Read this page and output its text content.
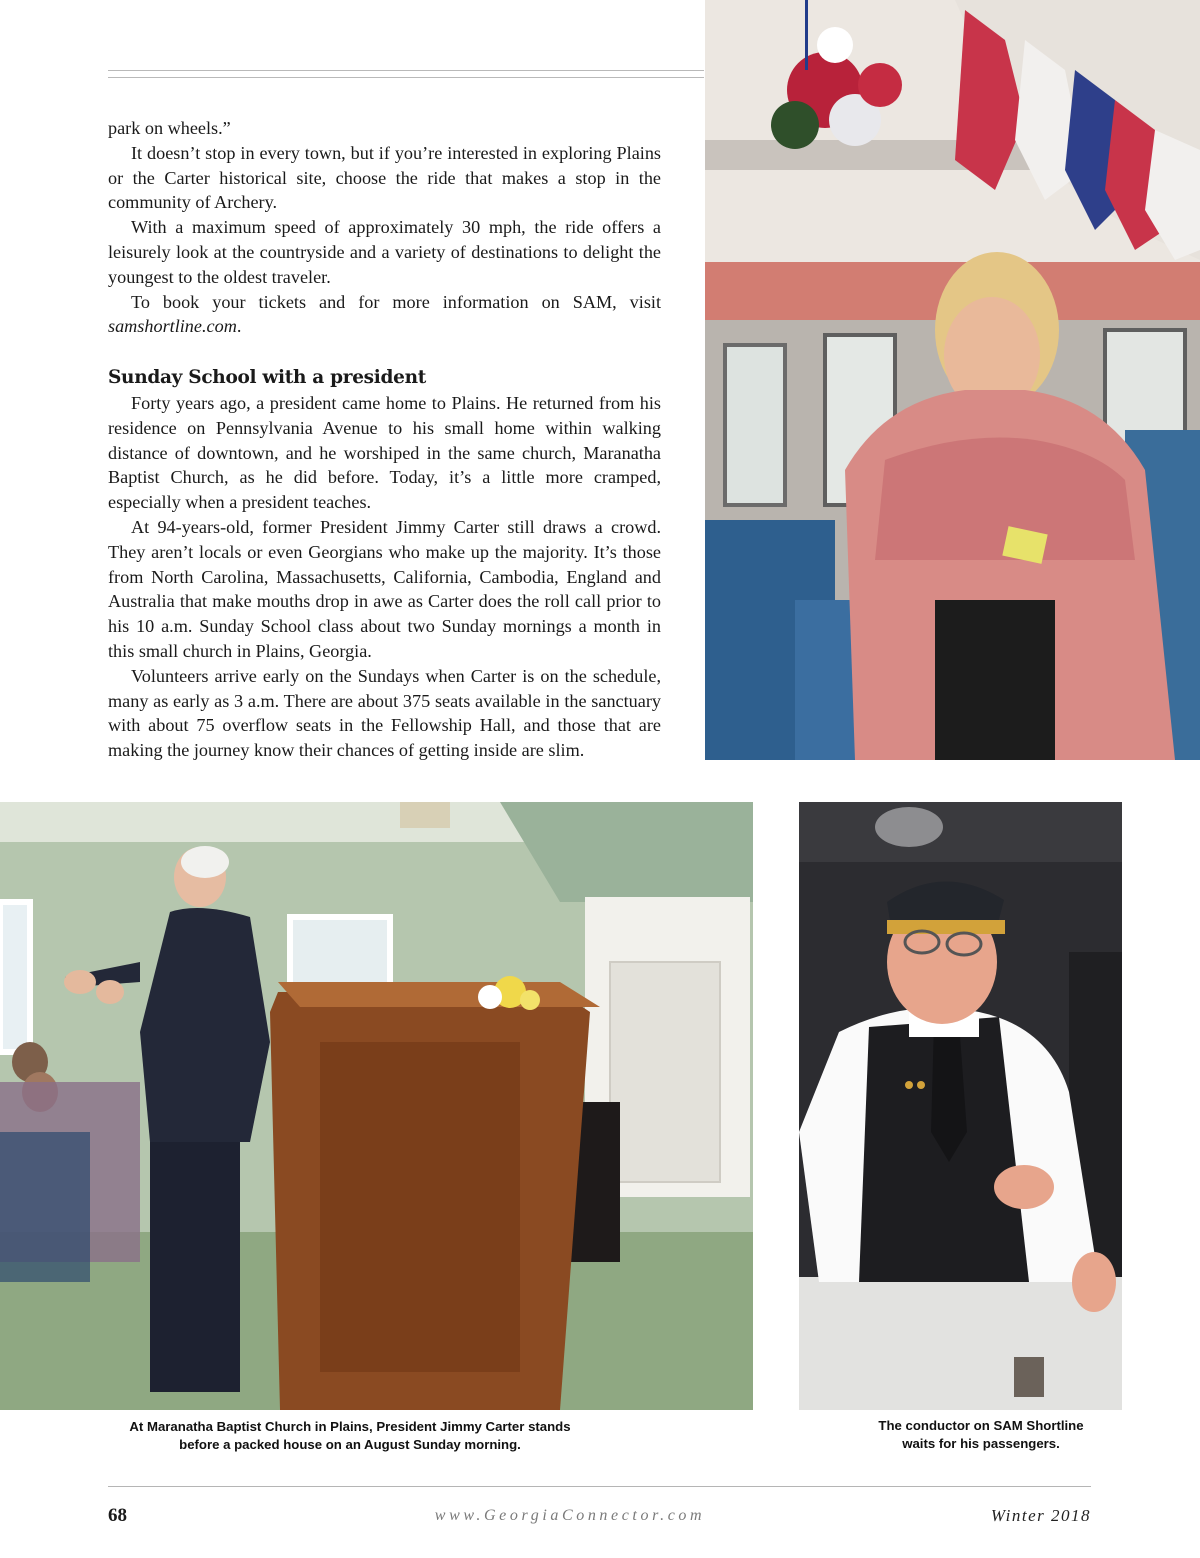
park on wheels.”

It doesn’t stop in every town, but if you’re interested in exploring Plains or the Carter historical site, choose the ride that makes a stop in the community of Archery.

With a maximum speed of approximately 30 mph, the ride offers a leisurely look at the countryside and a variety of destinations to delight the youngest to the oldest traveler.

To book your tickets and for more information on SAM, visit samshortline.com.

Sunday School with a president

Forty years ago, a president came home to Plains. He returned from his residence on Pennsylvania Avenue to his small home within walking distance of downtown, and he worshiped in the same church, Maranatha Baptist Church, as he did before. Today, it’s a little more cramped, especially when a president teaches.

At 94-years-old, former President Jimmy Carter still draws a crowd. They aren’t locals or even Georgians who make up the majority. It’s those from North Carolina, Massachusetts, California, Cambodia, England and Australia that make mouths drop in awe as Carter does the roll call prior to his 10 a.m. Sunday School class about two Sunday mornings a month in this small church in Plains, Georgia.

Volunteers arrive early on the Sundays when Carter is on the schedule, many as early as 3 a.m. There are about 375 seats available in the sanctuary with about 75 overflow seats in the Fellowship Hall, and those that are making the journey know their chances of getting inside are slim.

At Maranatha Baptist Church in Plains, President Jimmy Carter stands
before a packed house on an August Sunday morning.
The conductor on SAM Shortline
waits for his passengers.
68	www.GeorgiaConnector.com	Winter 2018
